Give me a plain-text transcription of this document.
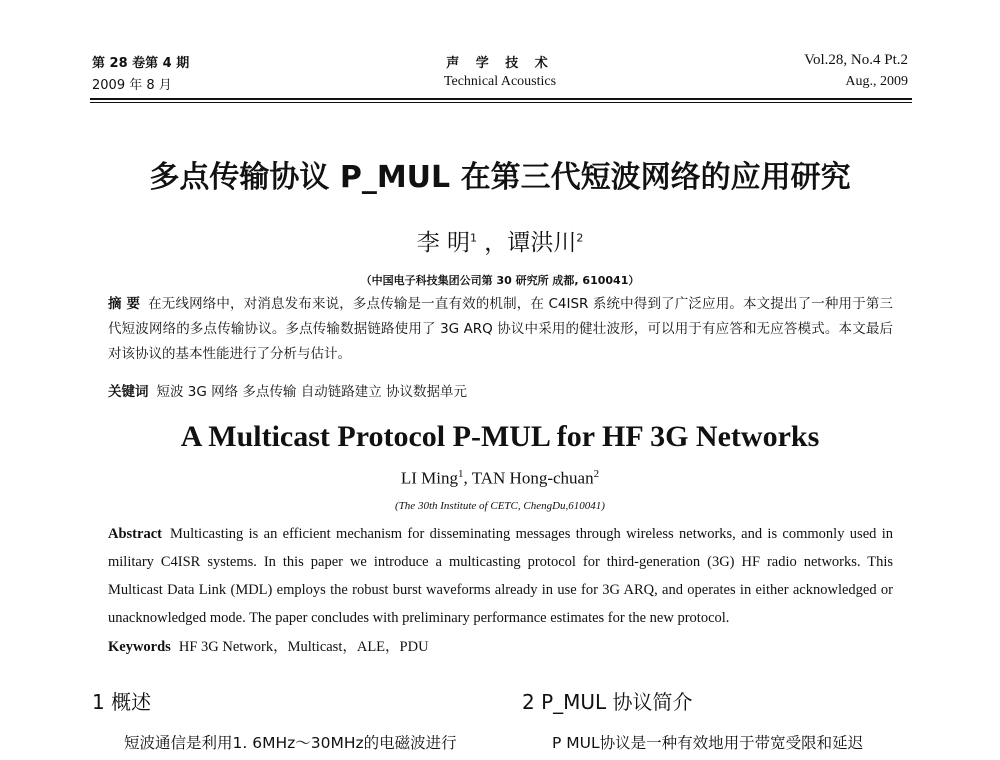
第 28 卷第 4 期
2009 年 8 月
声 学 技 术
Technical Acoustics
Vol.28, No.4 Pt.2
Aug., 2009
多点传输协议 P_MUL 在第三代短波网络的应用研究
李 明$^1$ ，谭洪川$^2$
（中国电子科技集团公司第 30 研究所 成都, 610041）
摘 要 在无线网络中，对消息发布来说，多点传输是一直有效的机制，在 C4ISR 系统中得到了广泛应用。本文提出了一种用于第三代短波网络的多点传输协议。多点传输数据链路使用了 3G ARQ 协议中采用的健壮波形，可以用于有应答和无应答模式。本文最后对该协议的基本性能进行了分析与估计。
关键词 短波 3G 网络 多点传输 自动链路建立 协议数据单元
A Multicast Protocol P-MUL for HF 3G Networks
LI Ming$^1$, TAN Hong-chuan$^2$
(The 30th Institute of CETC, ChengDu,610041)
Abstract Multicasting is an efficient mechanism for disseminating messages through wireless networks, and is commonly used in military C4ISR systems. In this paper we introduce a multicasting protocol for third-generation (3G) HF radio networks. This Multicast Data Link (MDL) employs the robust burst waveforms already in use for 3G ARQ, and operates in either acknowledged or unacknowledged mode. The paper concludes with preliminary performance estimates for the new protocol.
Keywords HF 3G Network，Multicast，ALE，PDU
1 概述
短波通信是利用1. 6MHz～30MHz的电磁波进行
2 P_MUL 协议简介
P MUL协议是一种有效地用于带宽受限和延迟
